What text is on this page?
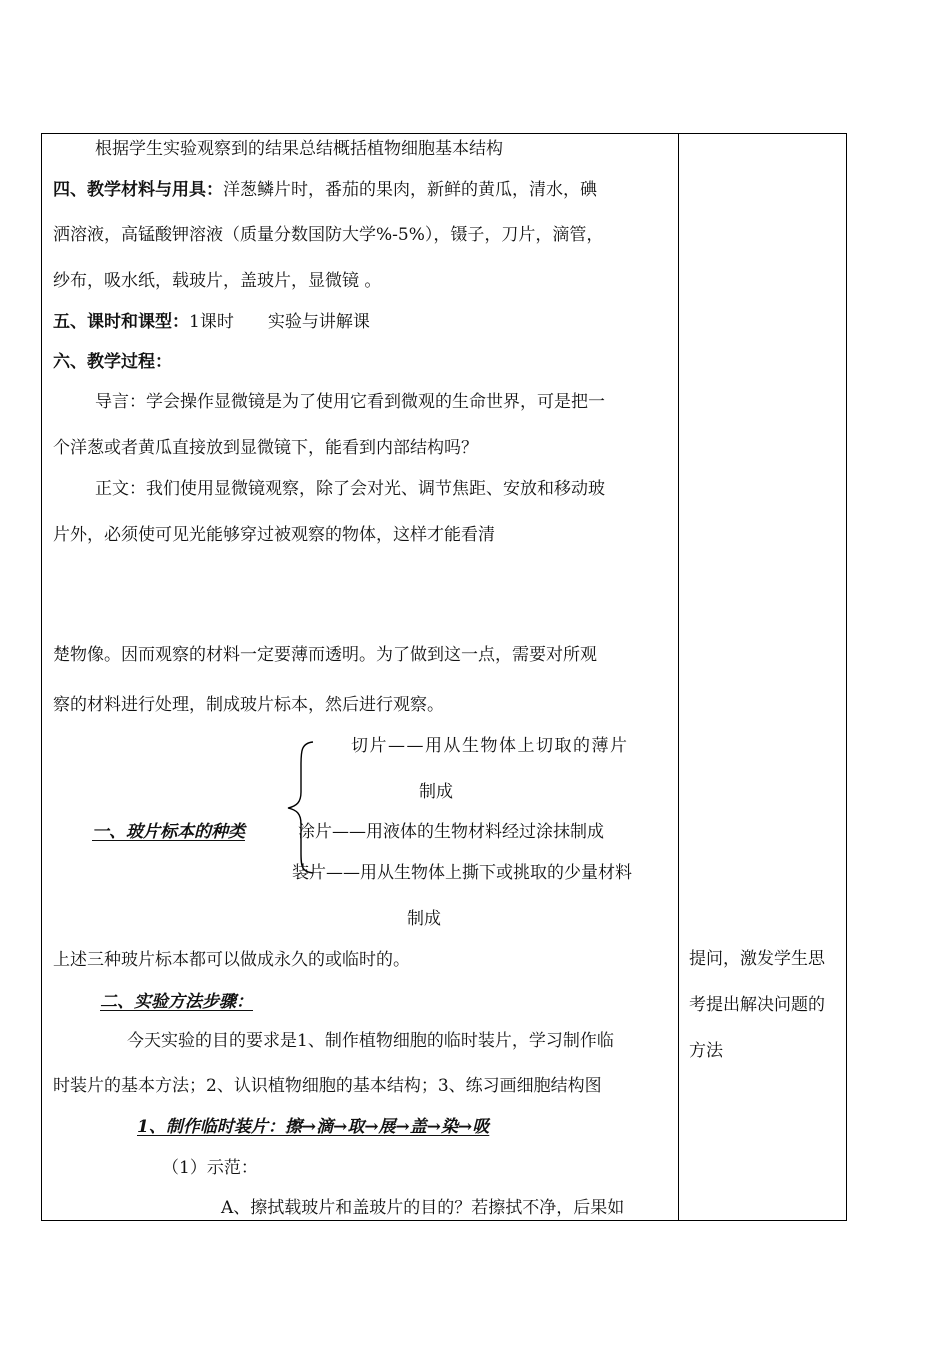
根据学生实验观察到的结果总结概括植物细胞基本结构
四、教学材料与用具：洋葱鳞片时，番茄的果肉，新鲜的黄瓜，清水，碘
洒溶液，高锰酸钾溶液（质量分数国防大学%-5%），镊子，刀片，滴管，
纱布，吸水纸，载玻片，盖玻片，显微镜 。
五、课时和课型：1课时　　实验与讲解课
六、教学过程：
导言：学会操作显微镜是为了使用它看到微观的生命世界，可是把一
个洋葱或者黄瓜直接放到显微镜下，能看到内部结构吗？
正文：我们使用显微镜观察，除了会对光、调节焦距、安放和移动玻
片外，必须使可见光能够穿过被观察的物体，这样才能看清
楚物像。因而观察的材料一定要薄而透明。为了做到这一点，需要对所观
察的材料进行处理，制成玻片标本，然后进行观察。
切片——用从生物体上切取的薄片
制成
一、玻片标本的种类	涂片——用液体的生物材料经过涂抹制成
装片——用从生物体上撕下或挑取的少量材料
制成
上述三种玻片标本都可以做成永久的或临时的。
二、实验方法步骤：
今天实验的目的要求是1、制作植物细胞的临时装片，学习制作临
时装片的基本方法；2、认识植物细胞的基本结构；3、练习画细胞结构图
1、制作临时装片：擦→滴→取→展→盖→染→吸
（1）示范：
A、擦拭载玻片和盖玻片的目的？若擦拭不净，后果如
提问，激发学生思
考提出解决问题的
方法
